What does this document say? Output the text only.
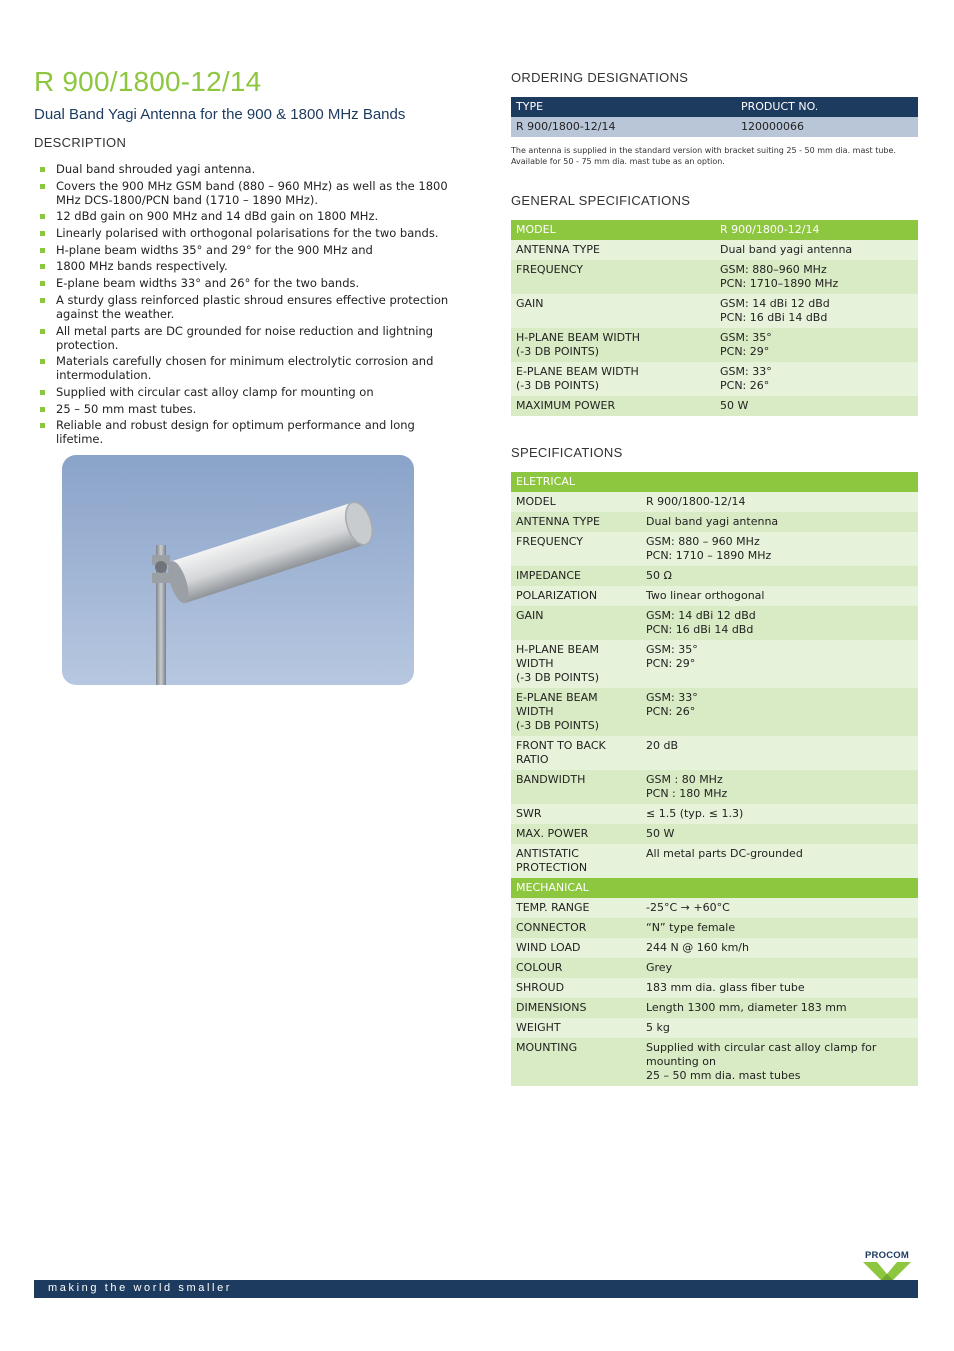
R 900/1800-12/14
Dual Band Yagi Antenna for the 900 & 1800 MHz Bands
DESCRIPTION
Dual band shrouded yagi antenna.
Covers the 900 MHz GSM band (880 – 960 MHz) as well as the 1800 MHz DCS-1800/PCN band (1710 – 1890 MHz).
12 dBd gain on 900 MHz and 14 dBd gain on 1800 MHz.
Linearly polarised with orthogonal polarisations for the two bands.
H-plane beam widths 35° and 29° for the 900 MHz and
1800 MHz bands respectively.
E-plane beam widths 33° and 26° for the two bands.
A sturdy glass reinforced plastic shroud ensures effective protection against the weather.
All metal parts are DC grounded for noise reduction and lightning protection.
Materials carefully chosen for minimum electrolytic corrosion and intermodulation.
Supplied with circular cast alloy clamp for mounting on
25 – 50 mm mast tubes.
Reliable and robust design for optimum performance and long lifetime.
ORDERING DESIGNATIONS
TYPE	PRODUCT NO.
R 900/1800-12/14	120000066
The antenna is supplied in the standard version with bracket suiting 25 - 50 mm dia. mast tube.
Available for 50 - 75 mm dia. mast tube as an option.
GENERAL SPECIFICATIONS
MODEL	R 900/1800-12/14
ANTENNA TYPE	Dual band yagi antenna
FREQUENCY	GSM: 880–960 MHz
PCN: 1710–1890 MHz
GAIN	GSM: 14 dBi 12 dBd
PCN: 16 dBi 14 dBd
H-PLANE BEAM WIDTH
(-3 DB POINTS)	GSM: 35°
PCN: 29°
E-PLANE BEAM WIDTH
(-3 DB POINTS)	GSM: 33°
PCN: 26°
MAXIMUM POWER	50 W
SPECIFICATIONS
ELETRICAL	
MODEL	R 900/1800-12/14
ANTENNA TYPE	Dual band yagi antenna
FREQUENCY	GSM: 880 – 960 MHz
PCN: 1710 – 1890 MHz
IMPEDANCE	50 Ω
POLARIZATION	Two linear orthogonal
GAIN	GSM: 14 dBi 12 dBd
PCN: 16 dBi 14 dBd
H-PLANE BEAM WIDTH
(-3 DB POINTS)	GSM: 35°
PCN: 29°
E-PLANE BEAM WIDTH
(-3 DB POINTS)	GSM: 33°
PCN: 26°
FRONT TO BACK
RATIO	20 dB
BANDWIDTH	GSM : 80 MHz
PCN : 180 MHz
SWR	≤ 1.5 (typ. ≤ 1.3)
MAX. POWER	50 W
ANTISTATIC
PROTECTION	All metal parts DC-grounded
MECHANICAL	
TEMP. RANGE	-25°C → +60°C
CONNECTOR	“N” type female
WIND LOAD	244 N @ 160 km/h
COLOUR	Grey
SHROUD	183 mm dia. glass fiber tube
DIMENSIONS	Length 1300 mm, diameter 183 mm
WEIGHT	5 kg
MOUNTING	Supplied with circular cast alloy clamp for mounting on
25 – 50 mm dia. mast tubes
PROCOM
making the world smaller
